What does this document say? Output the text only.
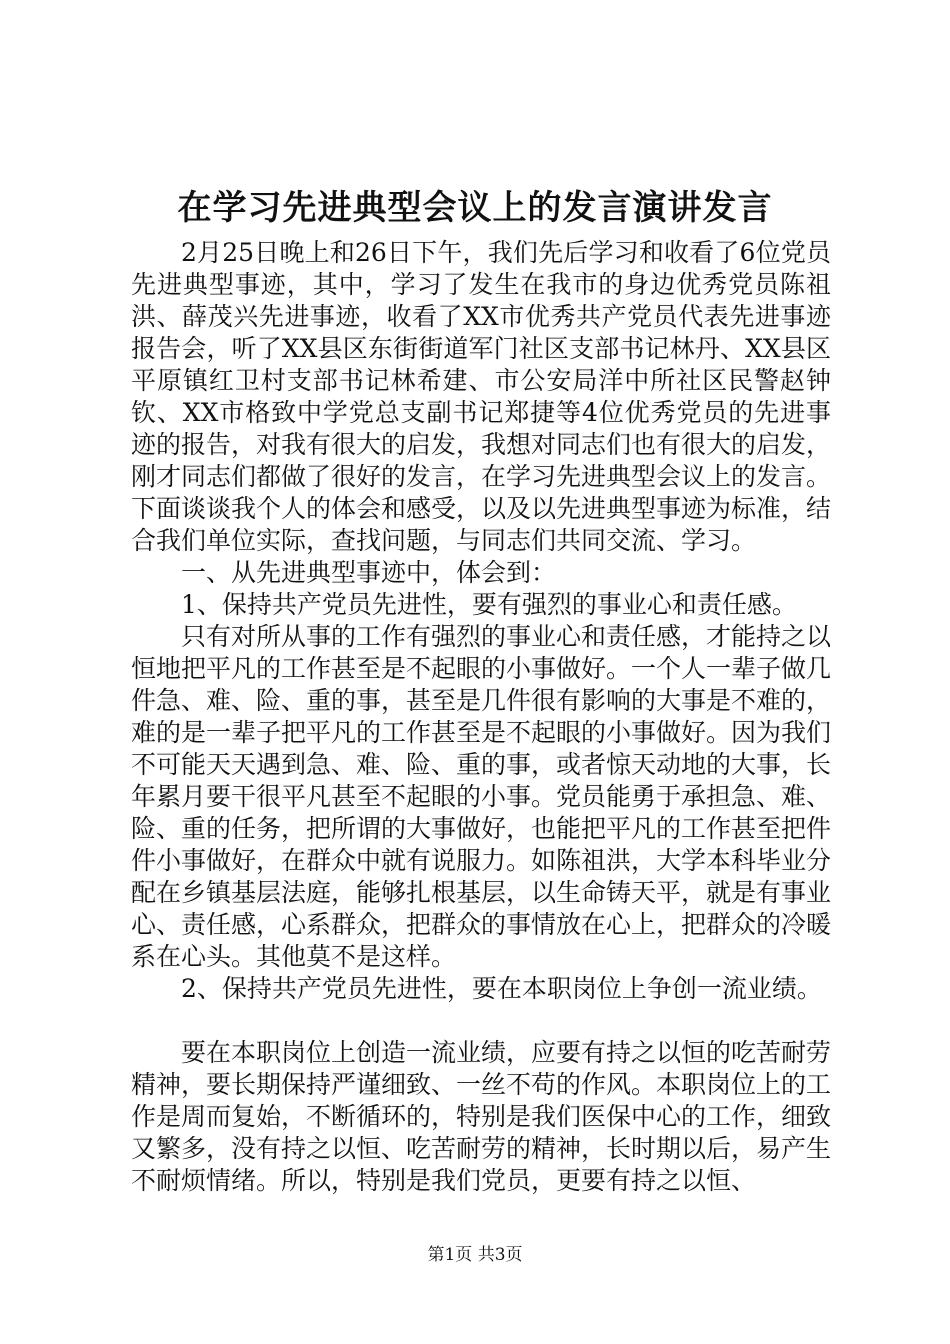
在学习先进典型会议上的发言演讲发言

2月25日晚上和26日下午，我们先后学习和收看了6位党员先进典型事迹，其中，学习了发生在我市的身边优秀党员陈祖洪、薛茂兴先进事迹，收看了XX市优秀共产党员代表先进事迹报告会，听了XX县区东街街道军门社区支部书记林丹、XX县区平原镇红卫村支部书记林希建、市公安局洋中所社区民警赵钟钦、XX市格致中学党总支副书记郑捷等4位优秀党员的先进事迹的报告，对我有很大的启发，我想对同志们也有很大的启发，刚才同志们都做了很好的发言，在学习先进典型会议上的发言。下面谈谈我个人的体会和感受，以及以先进典型事迹为标准，结合我们单位实际，查找问题，与同志们共同交流、学习。

一、从先进典型事迹中，体会到：

1、保持共产党员先进性，要有强烈的事业心和责任感。

只有对所从事的工作有强烈的事业心和责任感，才能持之以恒地把平凡的工作甚至是不起眼的小事做好。一个人一辈子做几件急、难、险、重的事，甚至是几件很有影响的大事是不难的，难的是一辈子把平凡的工作甚至是不起眼的小事做好。因为我们不可能天天遇到急、难、险、重的事，或者惊天动地的大事，长年累月要干很平凡甚至不起眼的小事。党员能勇于承担急、难、险、重的任务，把所谓的大事做好，也能把平凡的工作甚至把件件小事做好，在群众中就有说服力。如陈祖洪，大学本科毕业分配在乡镇基层法庭，能够扎根基层，以生命铸天平，就是有事业心、责任感，心系群众，把群众的事情放在心上，把群众的冷暖系在心头。其他莫不是这样。

2、保持共产党员先进性，要在本职岗位上争创一流业绩。

要在本职岗位上创造一流业绩，应要有持之以恒的吃苦耐劳精神，要长期保持严谨细致、一丝不苟的作风。本职岗位上的工作是周而复始，不断循环的，特别是我们医保中心的工作，细致又繁多，没有持之以恒、吃苦耐劳的精神，长时期以后，易产生不耐烦情绪。所以，特别是我们党员，更要有持之以恒、

第1页 共3页
